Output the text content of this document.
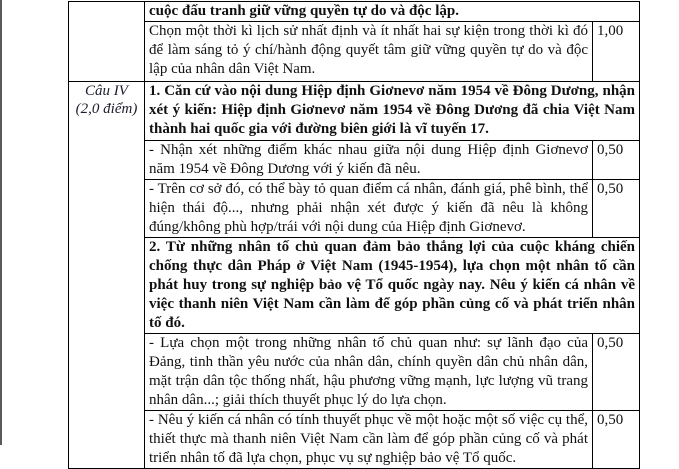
	cuộc đấu tranh giữ vững quyền tự do và độc lập.	
	Chọn một thời kì lịch sử nhất định và ít nhất hai sự kiện trong thời kì đó để làm sáng tỏ ý chí/hành động quyết tâm giữ vững quyền tự do và độc lập của nhân dân Việt Nam.	1,00

Câu IV
(2,0 điểm)	1. Căn cứ vào nội dung Hiệp định Giơnevơ năm 1954 về Đông Dương, nhận xét ý kiến: Hiệp định Giơnevơ năm 1954 về Đông Dương đã chia Việt Nam thành hai quốc gia với đường biên giới là vĩ tuyến 17.	
	- Nhận xét những điểm khác nhau giữa nội dung Hiệp định Giơnevơ năm 1954 về Đông Dương với ý kiến đã nêu.	0,50
	- Trên cơ sở đó, có thể bày tỏ quan điểm cá nhân, đánh giá, phê bình, thể hiện thái độ..., nhưng phải nhận xét được ý kiến đã nêu là không đúng/không phù hợp/trái với nội dung của Hiệp định Giơnevơ.	0,50
	2. Từ những nhân tố chủ quan đảm bảo thắng lợi của cuộc kháng chiến chống thực dân Pháp ở Việt Nam (1945-1954), lựa chọn một nhân tố cần phát huy trong sự nghiệp bảo vệ Tổ quốc ngày nay. Nêu ý kiến cá nhân về việc thanh niên Việt Nam cần làm để góp phần củng cố và phát triển nhân tố đó.	
	- Lựa chọn một trong những nhân tố chủ quan như: sự lãnh đạo của Đảng, tinh thần yêu nước của nhân dân, chính quyền dân chủ nhân dân, mặt trận dân tộc thống nhất, hậu phương vững mạnh, lực lượng vũ trang nhân dân...; giải thích thuyết phục lý do lựa chọn.	0,50
	- Nêu ý kiến cá nhân có tính thuyết phục về một hoặc một số việc cụ thể, thiết thực mà thanh niên Việt Nam cần làm để góp phần củng cố và phát triển nhân tố đã lựa chọn, phục vụ sự nghiệp bảo vệ Tổ quốc.	0,50
